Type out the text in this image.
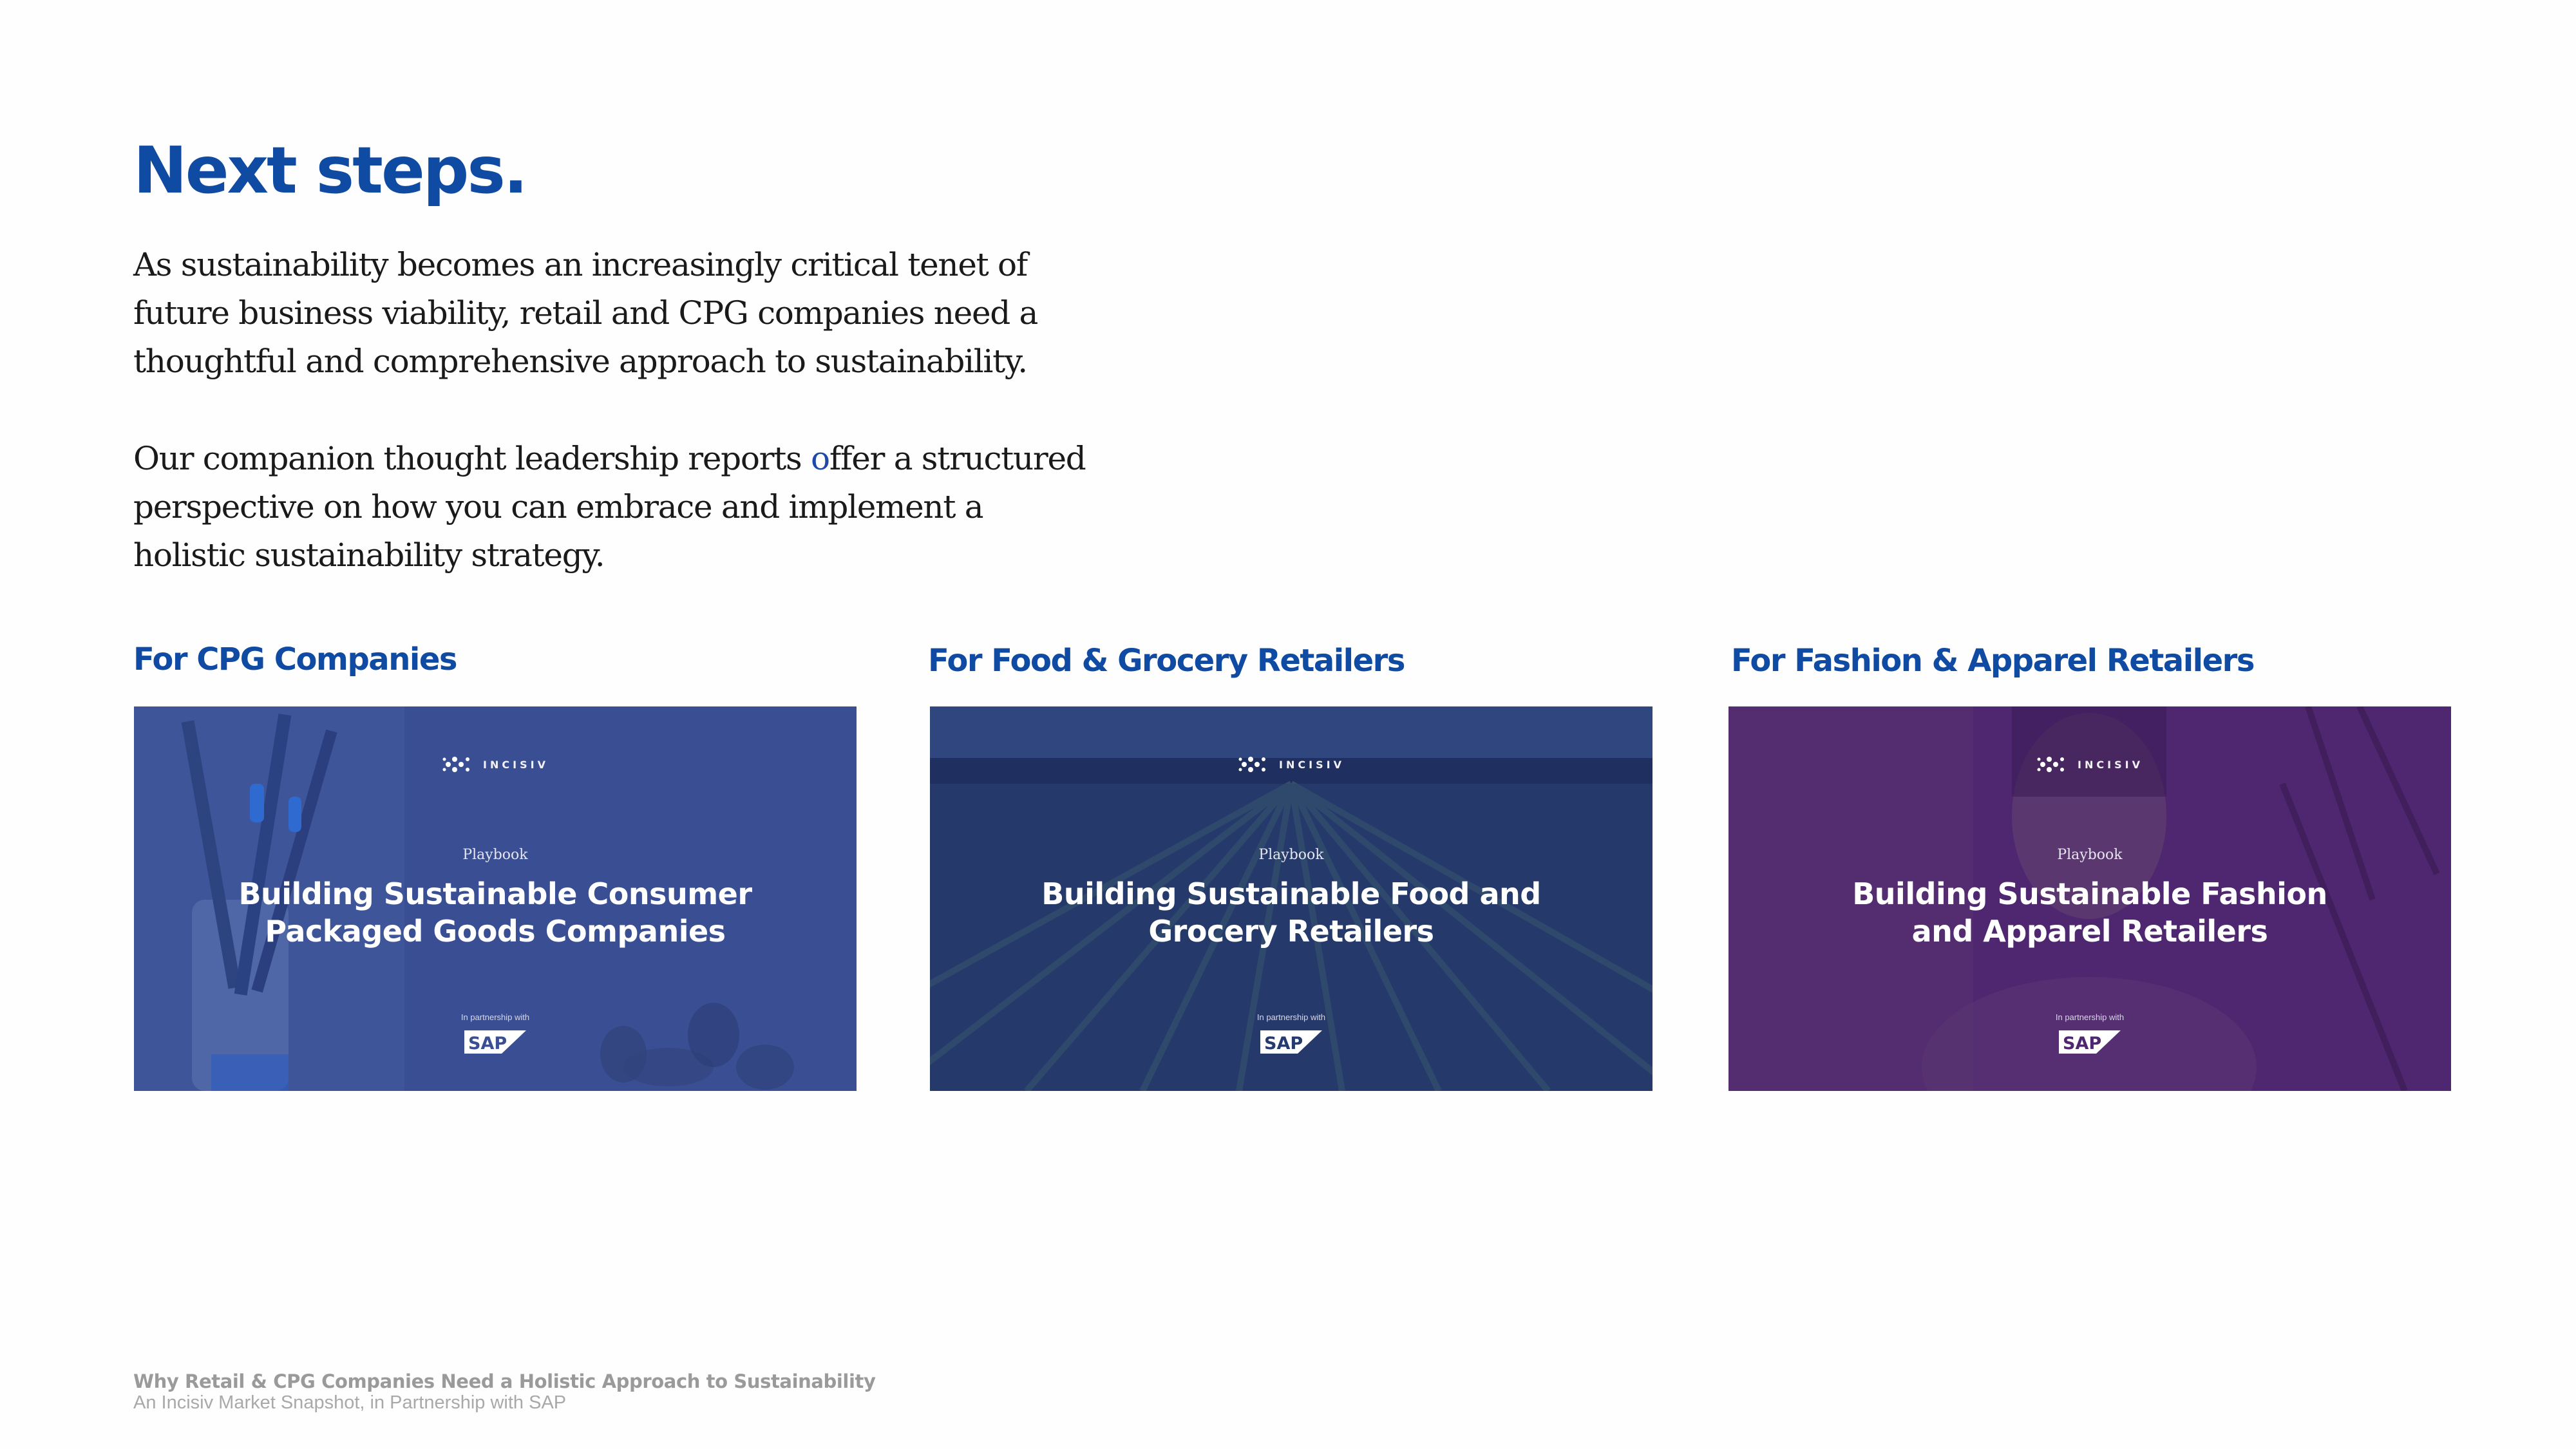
Next steps.

As sustainability becomes an increasingly critical tenet of
future business viability, retail and CPG companies need a
thoughtful and comprehensive approach to sustainability.

Our companion thought leadership reports offer a structured
perspective on how you can embrace and implement a
holistic sustainability strategy.

For CPG Companies
INCISIV
Playbook
Building Sustainable Consumer
Packaged Goods Companies
In partnership with
SAP
For Food & Grocery Retailers
INCISIV
Playbook
Building Sustainable Food and
Grocery Retailers
In partnership with
SAP
For Fashion & Apparel Retailers
INCISIV
Playbook
Building Sustainable Fashion
and Apparel Retailers
In partnership with
SAP

Why Retail & CPG Companies Need a Holistic Approach to Sustainability

An Incisiv Market Snapshot, in Partnership with SAP
